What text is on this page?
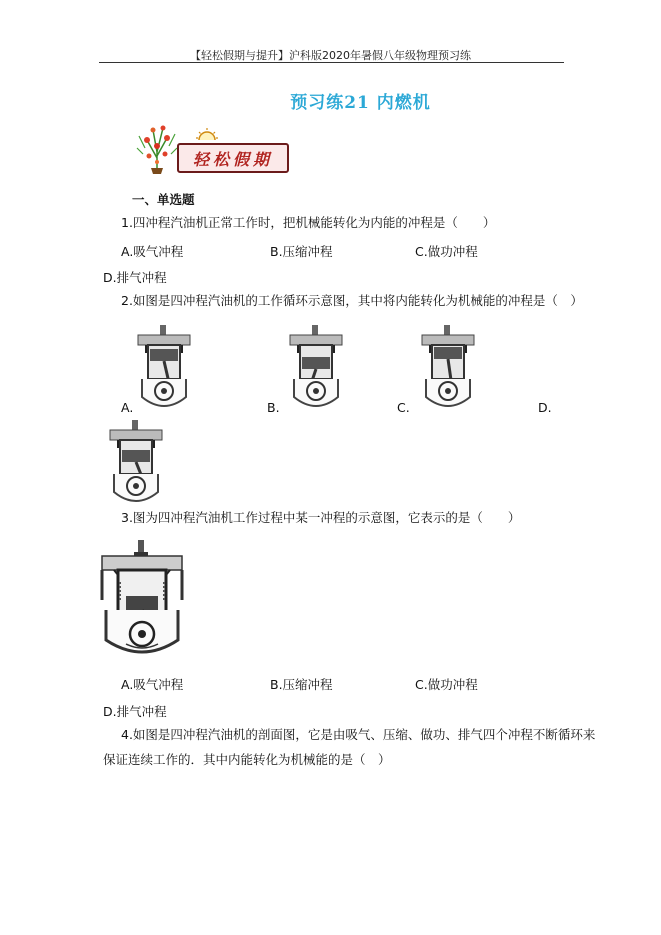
【轻松假期与提升】沪科版2020年暑假八年级物理预习练
预习练21 内燃机
轻松假期
一、单选题
1.四冲程汽油机正常工作时，把机械能转化为内能的冲程是（　　）
A.吸气冲程	B.压缩冲程	C.做功冲程
D.排气冲程
2.如图是四冲程汽油机的工作循环示意图，其中将内能转化为机械能的冲程是（　）
A.	B.	C.	D.
3.图为四冲程汽油机工作过程中某一冲程的示意图，它表示的是（　　）
A.吸气冲程	B.压缩冲程	C.做功冲程
D.排气冲程
4.如图是四冲程汽油机的剖面图，它是由吸气、压缩、做功、排气四个冲程不断循环来
保证连续工作的．其中内能转化为机械能的是（　）
